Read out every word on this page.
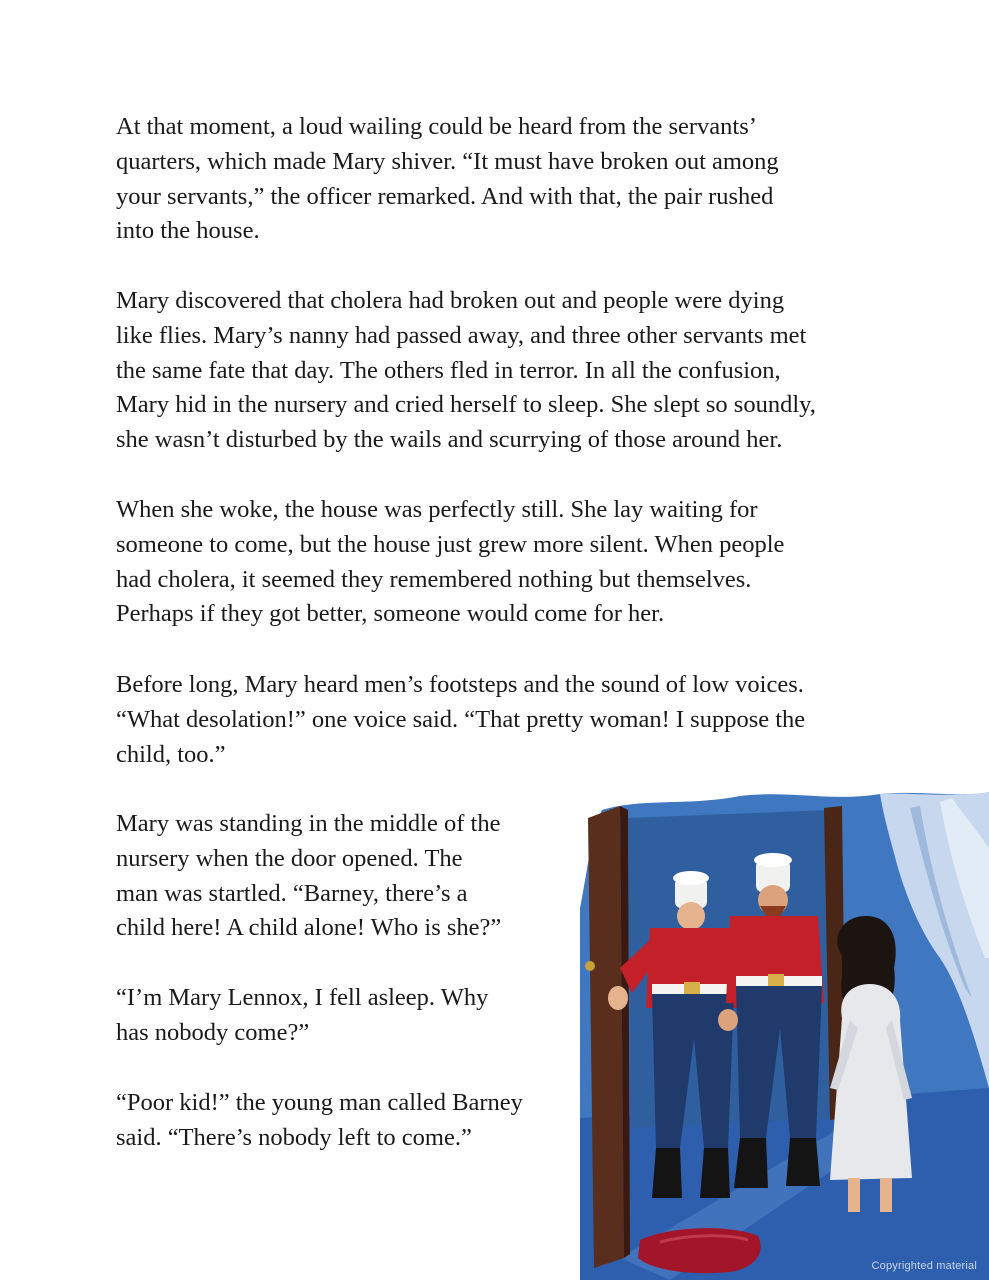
At that moment, a loud wailing could be heard from the servants’
quarters, which made Mary shiver. “It must have broken out among
your servants,” the officer remarked. And with that, the pair rushed
into the house.

Mary discovered that cholera had broken out and people were dying
like flies. Mary’s nanny had passed away, and three other servants met
the same fate that day. The others fled in terror. In all the confusion,
Mary hid in the nursery and cried herself to sleep. She slept so soundly,
she wasn’t disturbed by the wails and scurrying of those around her.

When she woke, the house was perfectly still. She lay waiting for
someone to come, but the house just grew more silent. When people
had cholera, it seemed they remembered nothing but themselves.
Perhaps if they got better, someone would come for her.

Before long, Mary heard men’s footsteps and the sound of low voices.
“What desolation!” one voice said. “That pretty woman! I suppose the
child, too.”

Mary was standing in the middle of the
nursery when the door opened. The
man was startled. “Barney, there’s a
child here! A child alone! Who is she?”

“I’m Mary Lennox, I fell asleep. Why
has nobody come?”

“Poor kid!” the young man called Barney
said. “There’s nobody left to come.”

Copyrighted material
